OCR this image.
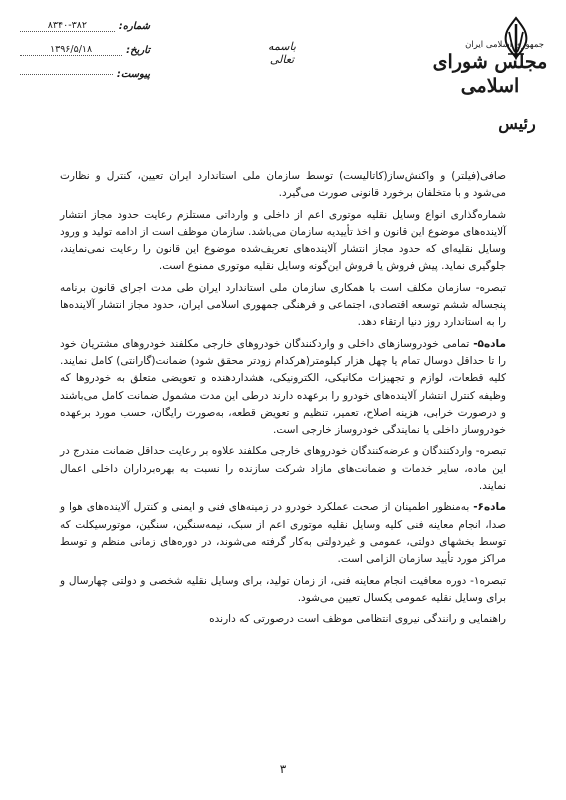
جمهوری اسلامی ایران
مجلس شورای اسلامی
رئیس
باسمه تعالی
شماره:
۸۳۴۰-۳۸۲
تاریخ:
۱۳۹۶/۵/۱۸
پیوست:

صافی(فیلتر) و واکنش‌ساز(کاتالیست) توسط سازمان ملی استاندارد ایران تعیین، کنترل و نظارت می‌شود و با متخلفان برخورد قانونی صورت می‌گیرد.

شماره‌گذاری انواع وسایل نقلیه موتوری اعم از داخلی و وارداتی مستلزم رعایت حدود مجاز انتشار آلاینده‌های موضوع این قانون و اخذ تأییدیه سازمان می‌باشد. سازمان موظف است از ادامه تولید و ورود وسایل نقلیه‌ای که حدود مجاز انتشار آلاینده‌های تعریف‌شده موضوع این قانون را رعایت نمی‌نمایند، جلوگیری نماید. پیش فروش یا فروش این‌گونه وسایل نقلیه موتوری ممنوع است.

تبصره- سازمان مکلف است با همکاری سازمان ملی استاندارد ایران طی مدت اجرای قانون برنامه پنجساله ششم توسعه اقتصادی، اجتماعی و فرهنگی جمهوری اسلامی ایران، حدود مجاز انتشار آلاینده‌ها را به استاندارد روز دنیا ارتقاء دهد.

ماده۵- تمامی خودروسازهای داخلی و واردکنندگان خودروهای خارجی مکلفند خودروهای مشتریان خود را تا حداقل دوسال تمام یا چهل هزار کیلومتر(هرکدام زودتر محقق شود) ضمانت(گارانتی) کامل نمایند. کلیه قطعات، لوازم و تجهیزات مکانیکی، الکترونیکی، هشداردهنده و تعویضی متعلق به خودروها که وظیفه کنترل انتشار آلاینده‌های خودرو را برعهده دارند درطی این مدت مشمول ضمانت کامل می‌باشند و درصورت خرابی، هزینه اصلاح، تعمیر، تنظیم و تعویض قطعه، به‌صورت رایگان، حسب مورد برعهده خودروساز داخلی یا نمایندگی خودروساز خارجی است.

تبصره- واردکنندگان و عرضه‌کنندگان خودروهای خارجی مکلفند علاوه بر رعایت حداقل ضمانت مندرج در این ماده، سایر خدمات و ضمانت‌های مازاد شرکت سازنده را نسبت به بهره‌برداران داخلی اعمال نمایند.

ماده۶- به‌منظور اطمینان از صحت عملکرد خودرو در زمینه‌های فنی و ایمنی و کنترل آلاینده‌های هوا و صدا، انجام معاینه فنی کلیه وسایل نقلیه موتوری اعم از سبک، نیمه‌سنگین، سنگین، موتورسیکلت که توسط بخشهای دولتی، عمومی و غیردولتی به‌کار گرفته می‌شوند، در دوره‌های زمانی منظم و توسط مراکز مورد تأیید سازمان الزامی است.

تبصره۱- دوره معافیت انجام معاینه فنی، از زمان تولید، برای وسایل نقلیه شخصی و دولتی چهارسال و برای وسایل نقلیه عمومی یکسال تعیین می‌شود.

راهنمایی و رانندگی نیروی انتظامی موظف است درصورتی که دارنده

۳
